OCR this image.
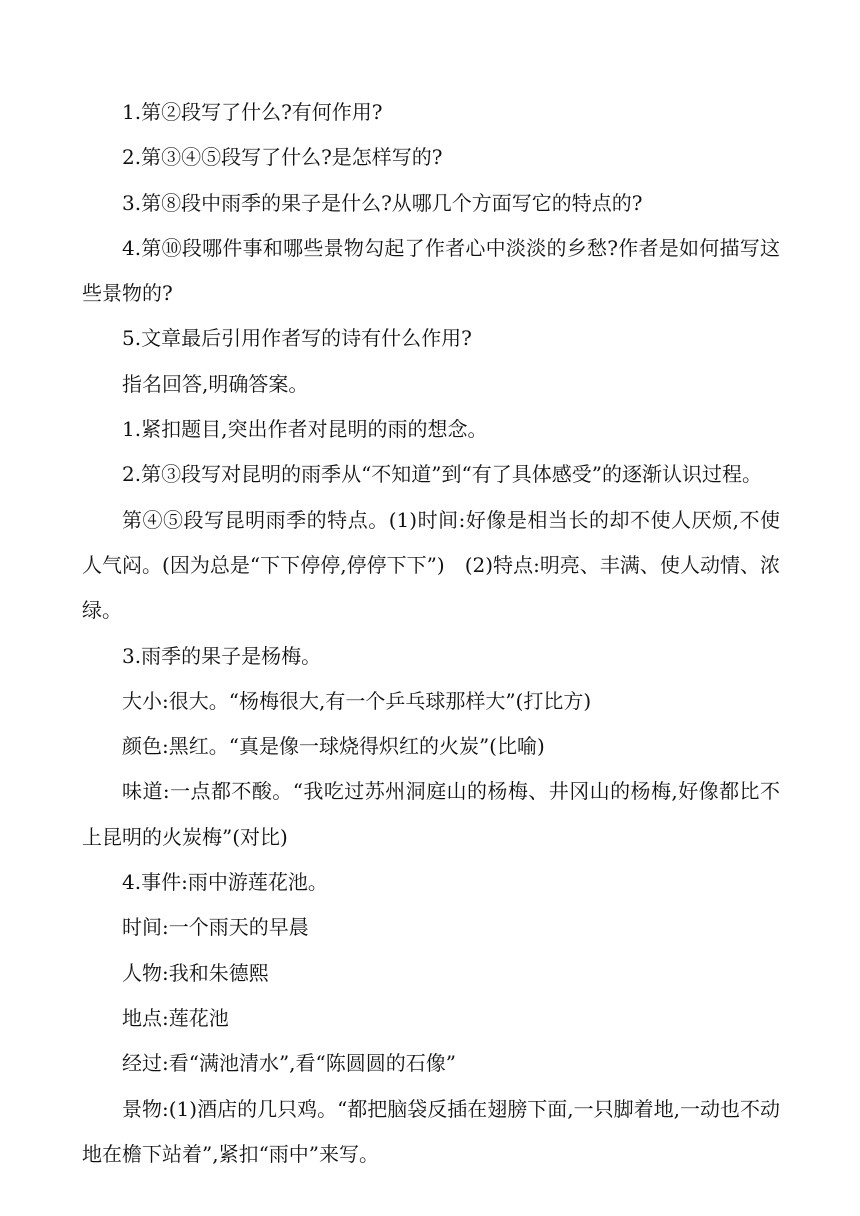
1.第②段写了什么?有何作用?

2.第③④⑤段写了什么?是怎样写的?

3.第⑧段中雨季的果子是什么?从哪几个方面写它的特点的?

4.第⑩段哪件事和哪些景物勾起了作者心中淡淡的乡愁?作者是如何描写这些景物的?

5.文章最后引用作者写的诗有什么作用?

指名回答,明确答案。

1.紧扣题目,突出作者对昆明的雨的想念。

2.第③段写对昆明的雨季从“不知道”到“有了具体感受”的逐渐认识过程。

第④⑤段写昆明雨季的特点。(1)时间:好像是相当长的却不使人厌烦,不使人气闷。(因为总是“下下停停,停停下下”)　(2)特点:明亮、丰满、使人动情、浓绿。

3.雨季的果子是杨梅。

大小:很大。“杨梅很大,有一个乒乓球那样大”(打比方)

颜色:黑红。“真是像一球烧得炽红的火炭”(比喻)

味道:一点都不酸。“我吃过苏州洞庭山的杨梅、井冈山的杨梅,好像都比不上昆明的火炭梅”(对比)

4.事件:雨中游莲花池。

时间:一个雨天的早晨

人物:我和朱德熙

地点:莲花池

经过:看“满池清水”,看“陈圆圆的石像”

景物:(1)酒店的几只鸡。“都把脑袋反插在翅膀下面,一只脚着地,一动也不动地在檐下站着”,紧扣“雨中”来写。
